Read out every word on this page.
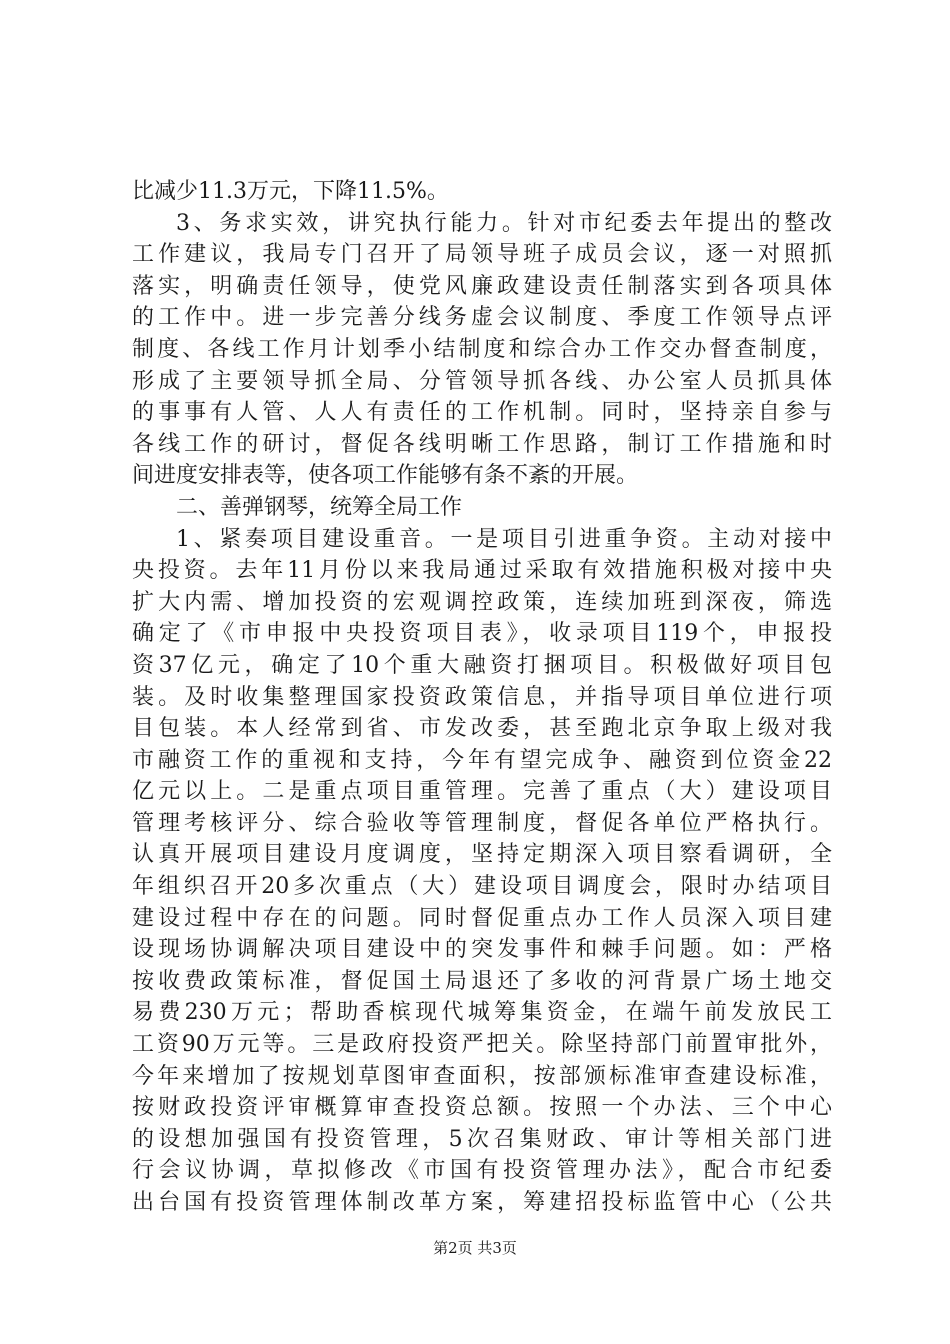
比减少11.3万元，下降11.5%。
3、务求实效，讲究执行能力。针对市纪委去年提出的整改
工作建议，我局专门召开了局领导班子成员会议，逐一对照抓
落实，明确责任领导，使党风廉政建设责任制落实到各项具体
的工作中。进一步完善分线务虚会议制度、季度工作领导点评
制度、各线工作月计划季小结制度和综合办工作交办督查制度，
形成了主要领导抓全局、分管领导抓各线、办公室人员抓具体
的事事有人管、人人有责任的工作机制。同时，坚持亲自参与
各线工作的研讨，督促各线明晰工作思路，制订工作措施和时
间进度安排表等，使各项工作能够有条不紊的开展。
二、善弹钢琴，统筹全局工作
1、紧奏项目建设重音。一是项目引进重争资。主动对接中
央投资。去年11月份以来我局通过采取有效措施积极对接中央
扩大内需、增加投资的宏观调控政策，连续加班到深夜，筛选
确定了《市申报中央投资项目表》，收录项目119个，申报投
资37亿元，确定了10个重大融资打捆项目。积极做好项目包
装。及时收集整理国家投资政策信息，并指导项目单位进行项
目包装。本人经常到省、市发改委，甚至跑北京争取上级对我
市融资工作的重视和支持，今年有望完成争、融资到位资金22
亿元以上。二是重点项目重管理。完善了重点（大）建设项目
管理考核评分、综合验收等管理制度，督促各单位严格执行。
认真开展项目建设月度调度，坚持定期深入项目察看调研，全
年组织召开20多次重点（大）建设项目调度会，限时办结项目
建设过程中存在的问题。同时督促重点办工作人员深入项目建
设现场协调解决项目建设中的突发事件和棘手问题。如：严格
按收费政策标准，督促国土局退还了多收的河背景广场土地交
易费230万元；帮助香槟现代城筹集资金，在端午前发放民工
工资90万元等。三是政府投资严把关。除坚持部门前置审批外，
今年来增加了按规划草图审查面积，按部颁标准审查建设标准，
按财政投资评审概算审查投资总额。按照一个办法、三个中心
的设想加强国有投资管理，5次召集财政、审计等相关部门进
行会议协调，草拟修改《市国有投资管理办法》，配合市纪委
出台国有投资管理体制改革方案，筹建招投标监管中心（公共
第2页 共3页
